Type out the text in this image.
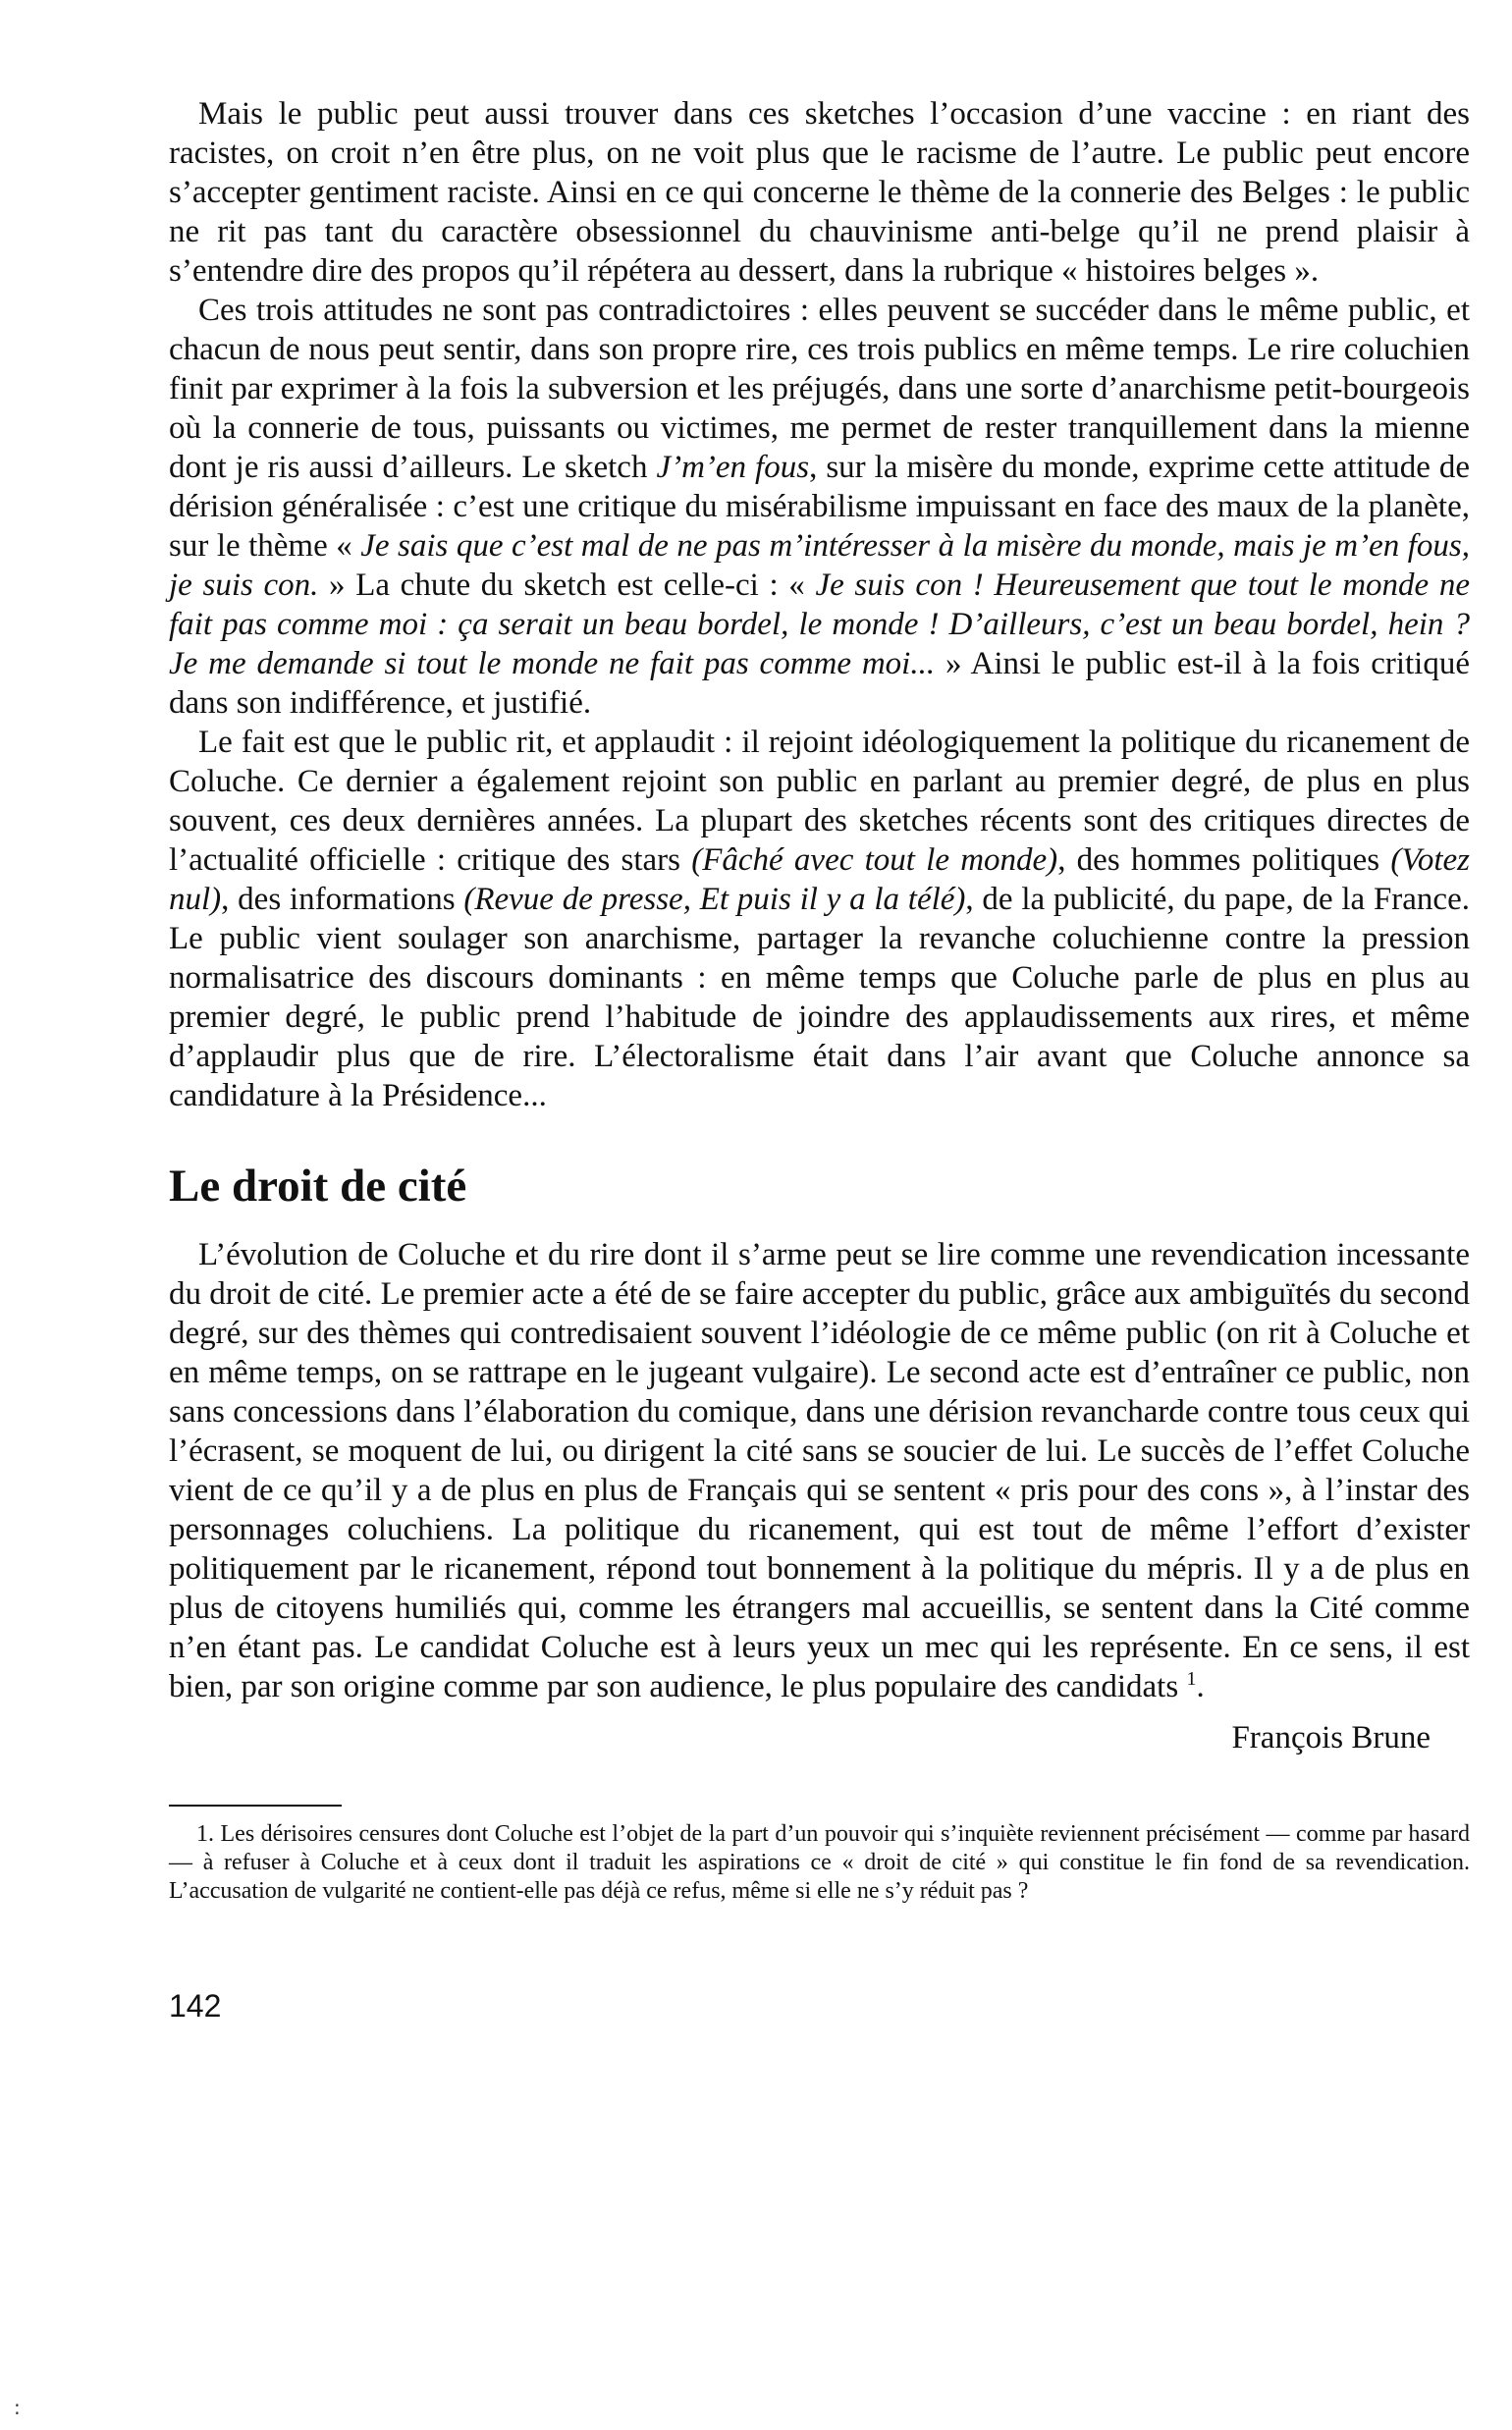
Mais le public peut aussi trouver dans ces sketches l’occasion d’une vaccine : en riant des racistes, on croit n’en être plus, on ne voit plus que le racisme de l’autre. Le public peut encore s’accepter gentiment raciste. Ainsi en ce qui concerne le thème de la connerie des Belges : le public ne rit pas tant du caractère obsessionnel du chauvinisme anti-belge qu’il ne prend plaisir à s’entendre dire des propos qu’il répétera au dessert, dans la rubrique « histoires belges ».

Ces trois attitudes ne sont pas contradictoires : elles peuvent se succéder dans le même public, et chacun de nous peut sentir, dans son propre rire, ces trois publics en même temps. Le rire coluchien finit par exprimer à la fois la subversion et les préjugés, dans une sorte d’anarchisme petit-bourgeois où la connerie de tous, puissants ou victimes, me permet de rester tranquillement dans la mienne dont je ris aussi d’ailleurs. Le sketch J’m’en fous, sur la misère du monde, exprime cette attitude de dérision généralisée : c’est une critique du misérabilisme impuissant en face des maux de la planète, sur le thème « Je sais que c’est mal de ne pas m’intéresser à la misère du monde, mais je m’en fous, je suis con. » La chute du sketch est celle-ci : « Je suis con ! Heureusement que tout le monde ne fait pas comme moi : ça serait un beau bordel, le monde ! D’ailleurs, c’est un beau bordel, hein ? Je me demande si tout le monde ne fait pas comme moi... » Ainsi le public est-il à la fois critiqué dans son indifférence, et justifié.

Le fait est que le public rit, et applaudit : il rejoint idéologiquement la politique du ricanement de Coluche. Ce dernier a également rejoint son public en parlant au premier degré, de plus en plus souvent, ces deux dernières années. La plupart des sketches récents sont des critiques directes de l’actualité officielle : critique des stars (Fâché avec tout le monde), des hommes politiques (Votez nul), des informations (Revue de presse, Et puis il y a la télé), de la publicité, du pape, de la France. Le public vient soulager son anarchisme, partager la revanche coluchienne contre la pression normalisatrice des discours dominants : en même temps que Coluche parle de plus en plus au premier degré, le public prend l’habitude de joindre des applaudissements aux rires, et même d’applaudir plus que de rire. L’électoralisme était dans l’air avant que Coluche annonce sa candidature à la Présidence...

Le droit de cité

L’évolution de Coluche et du rire dont il s’arme peut se lire comme une revendication incessante du droit de cité. Le premier acte a été de se faire accepter du public, grâce aux ambiguïtés du second degré, sur des thèmes qui contredisaient souvent l’idéologie de ce même public (on rit à Coluche et en même temps, on se rattrape en le jugeant vulgaire). Le second acte est d’entraîner ce public, non sans concessions dans l’élaboration du comique, dans une dérision revancharde contre tous ceux qui l’écrasent, se moquent de lui, ou dirigent la cité sans se soucier de lui. Le succès de l’effet Coluche vient de ce qu’il y a de plus en plus de Français qui se sentent « pris pour des cons », à l’instar des personnages coluchiens. La politique du ricanement, qui est tout de même l’effort d’exister politiquement par le ricanement, répond tout bonnement à la politique du mépris. Il y a de plus en plus de citoyens humiliés qui, comme les étrangers mal accueillis, se sentent dans la Cité comme n’en étant pas. Le candidat Coluche est à leurs yeux un mec qui les représente. En ce sens, il est bien, par son origine comme par son audience, le plus populaire des candidats $^1$.

François Brune

1. Les dérisoires censures dont Coluche est l’objet de la part d’un pouvoir qui s’inquiète reviennent précisément — comme par hasard — à refuser à Coluche et à ceux dont il traduit les aspirations ce « droit de cité » qui constitue le fin fond de sa revendication. L’accusation de vulgarité ne contient-elle pas déjà ce refus, même si elle ne s’y réduit pas ?

142
:
